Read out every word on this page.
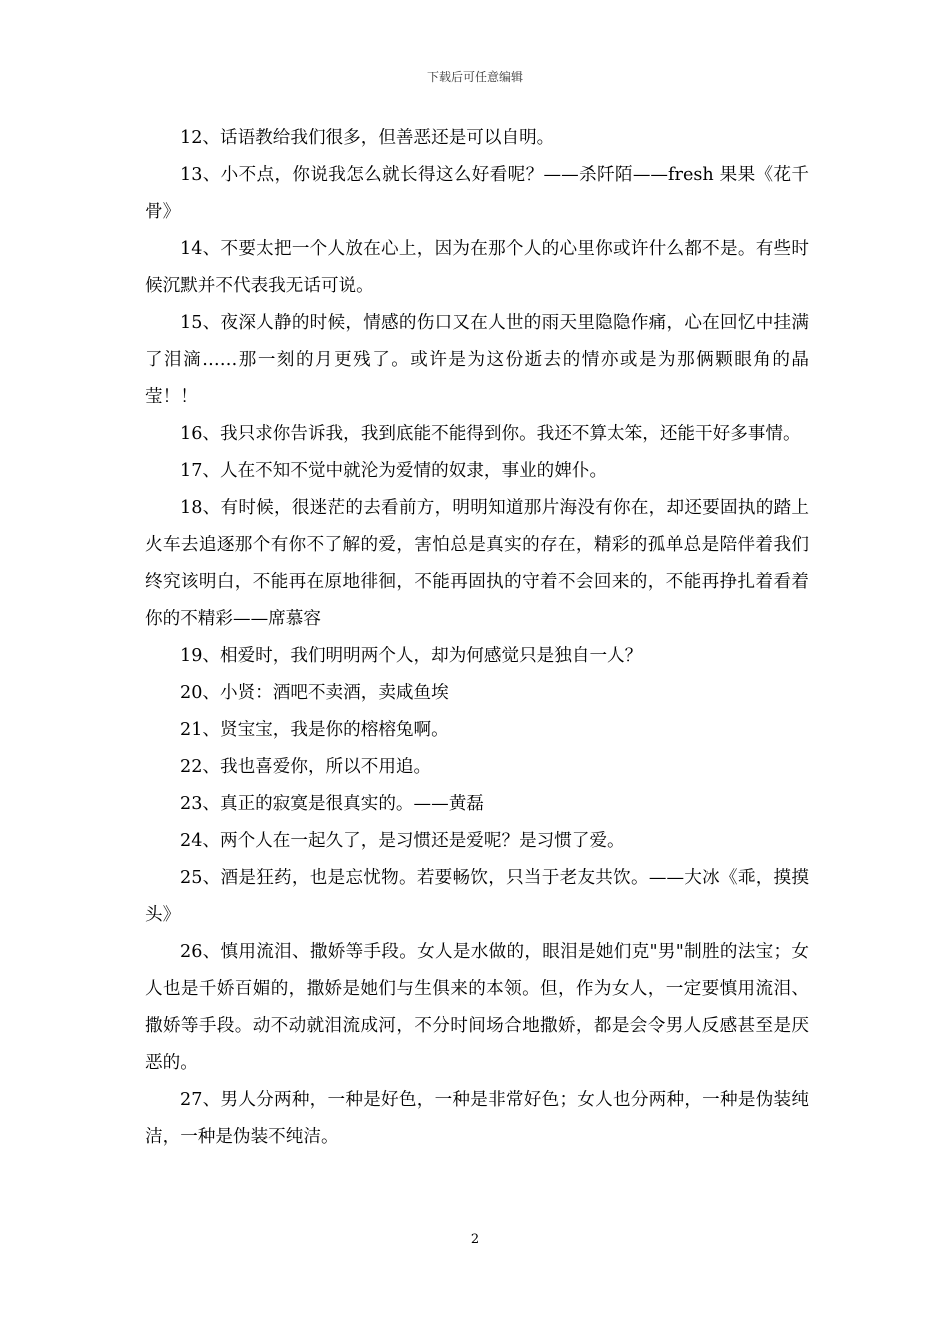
下载后可任意编辑

12、话语教给我们很多，但善恶还是可以自明。

13、小不点，你说我怎么就长得这么好看呢？——杀阡陌——fresh 果果《花千骨》

14、不要太把一个人放在心上，因为在那个人的心里你或许什么都不是。有些时候沉默并不代表我无话可说。

15、夜深人静的时候，情感的伤口又在人世的雨天里隐隐作痛，心在回忆中挂满了泪滴……那一刻的月更残了。或许是为这份逝去的情亦或是为那俩颗眼角的晶莹！！

16、我只求你告诉我，我到底能不能得到你。我还不算太笨，还能干好多事情。

17、人在不知不觉中就沦为爱情的奴隶，事业的婢仆。

18、有时候，很迷茫的去看前方，明明知道那片海没有你在，却还要固执的踏上火车去追逐那个有你不了解的爱，害怕总是真实的存在，精彩的孤单总是陪伴着我们终究该明白，不能再在原地徘徊，不能再固执的守着不会回来的，不能再挣扎着看着你的不精彩——席慕容

19、相爱时，我们明明两个人，却为何感觉只是独自一人？

20、小贤：酒吧不卖酒，卖咸鱼埃

21、贤宝宝，我是你的榕榕兔啊。

22、我也喜爱你，所以不用追。

23、真正的寂寞是很真实的。——黄磊

24、两个人在一起久了，是习惯还是爱呢？是习惯了爱。

25、酒是狂药，也是忘忧物。若要畅饮，只当于老友共饮。——大冰《乖，摸摸头》

26、慎用流泪、撒娇等手段。女人是水做的，眼泪是她们克"男"制胜的法宝；女人也是千娇百媚的，撒娇是她们与生俱来的本领。但，作为女人，一定要慎用流泪、撒娇等手段。动不动就泪流成河，不分时间场合地撒娇，都是会令男人反感甚至是厌恶的。

27、男人分两种，一种是好色，一种是非常好色；女人也分两种，一种是伪装纯洁，一种是伪装不纯洁。

2
